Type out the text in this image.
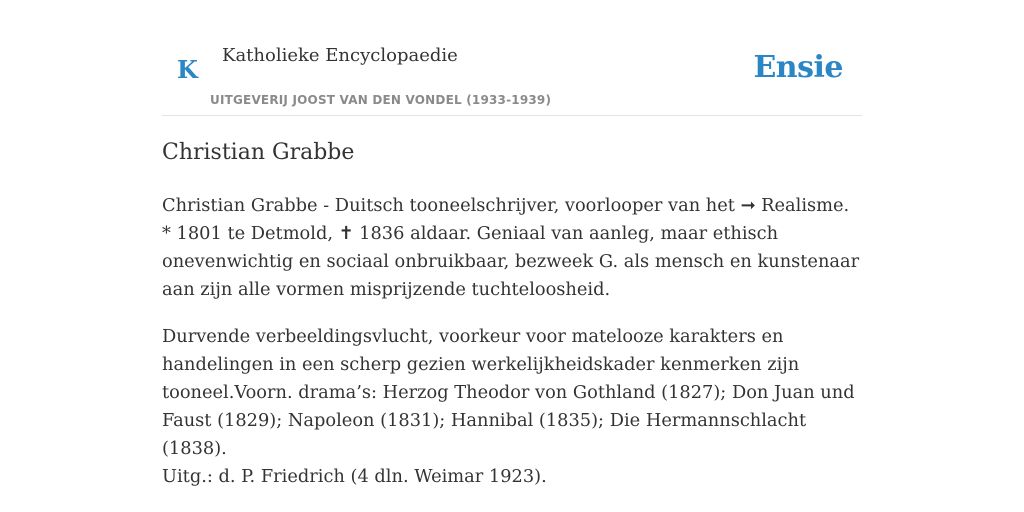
K Katholieke Encyclopaedie
UITGEVERIJ JOOST VAN DEN VONDEL (1933-1939)
Ensie
Christian Grabbe

Christian Grabbe - Duitsch tooneelschrijver, voorlooper van het ➞ Realisme. * 1801 te Detmold, ✝ 1836 aldaar. Geniaal van aanleg, maar ethisch onevenwichtig en sociaal onbruikbaar, bezweek G. als mensch en kunstenaar aan zijn alle vormen misprijzende tuchteloosheid.

Durvende verbeeldingsvlucht, voorkeur voor matelooze karakters en handelingen in een scherp gezien werkelijkheidskader kenmerken zijn tooneel.Voorn. drama’s: Herzog Theodor von Gothland (1827); Don Juan und Faust (1829); Napoleon (1831); Hannibal (1835); Die Hermannschlacht (1838).

Uitg.: d. P. Friedrich (4 dln. Weimar 1923).
